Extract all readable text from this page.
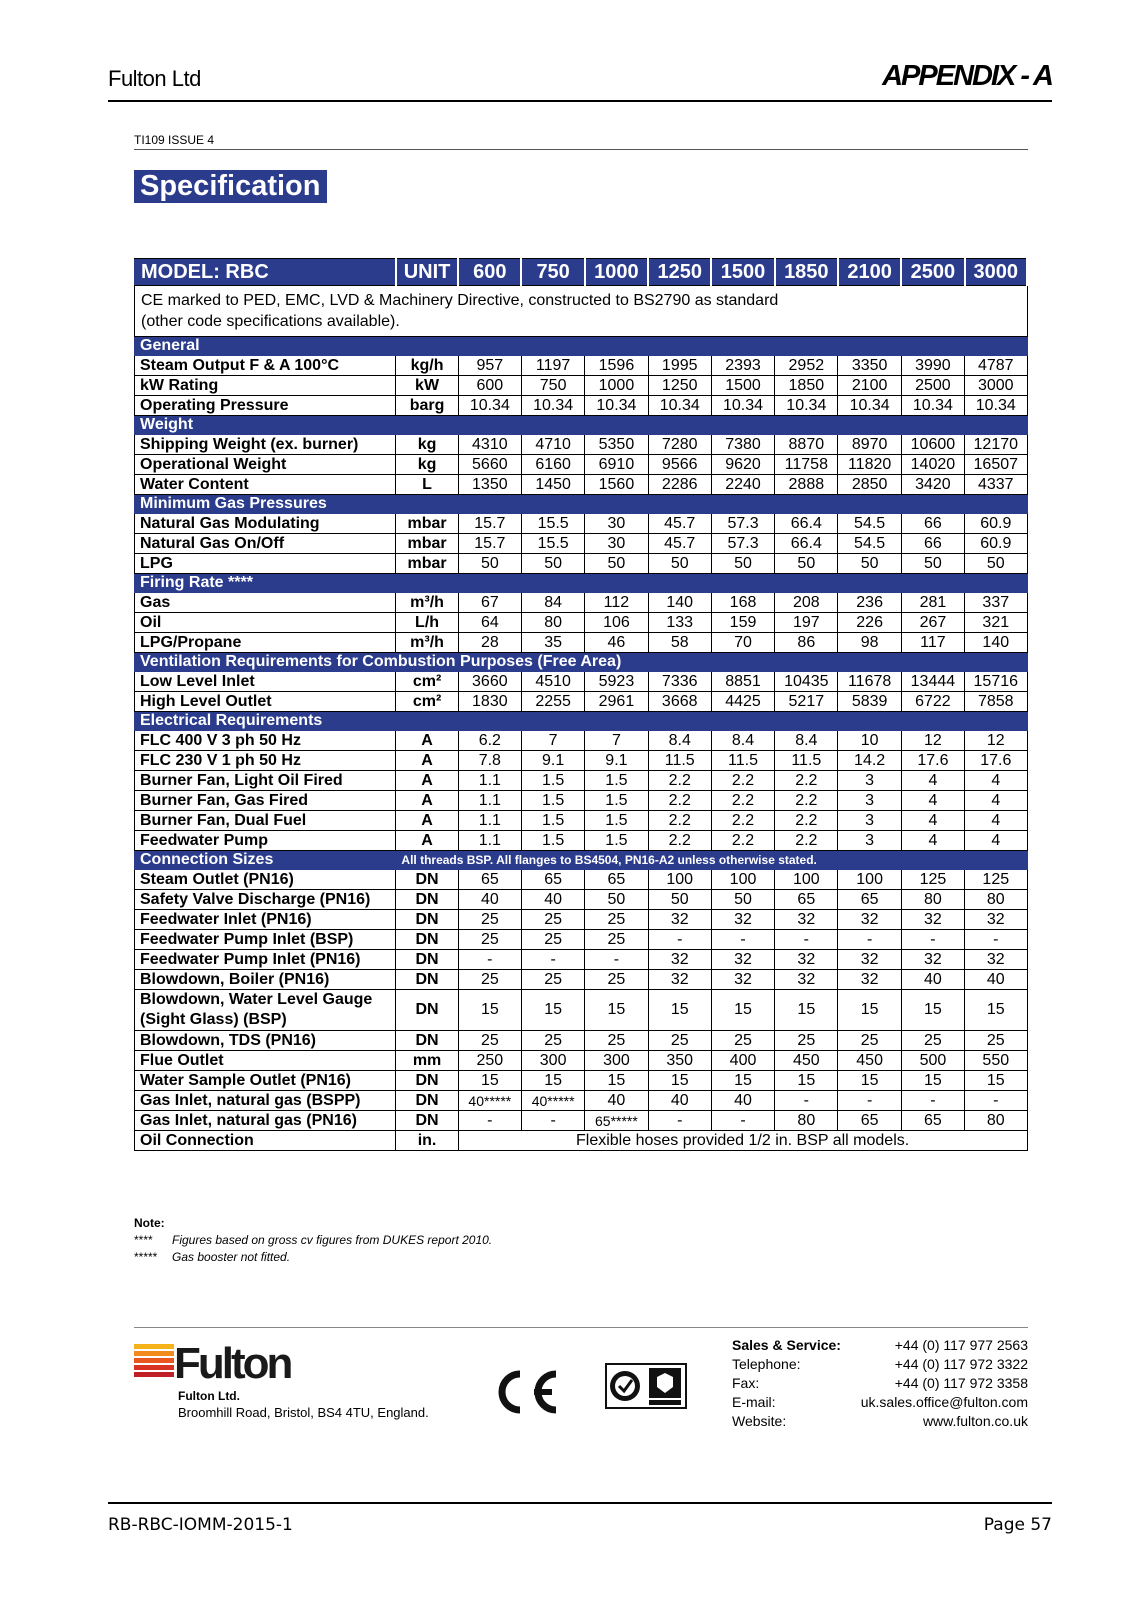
Fulton Ltd	APPENDIX - A
TI109 ISSUE 4
Specification
MODEL: RBC	UNIT	600	750	1000	1250	1500	1850	2100	2500	3000

CE marked to PED, EMC, LVD & Machinery Directive, constructed to BS2790 as standard
(other code specifications available).										

General										
Steam Output F & A 100°C	kg/h	957	1197	1596	1995	2393	2952	3350	3990	4787
kW Rating	kW	600	750	1000	1250	1500	1850	2100	2500	3000
Operating Pressure	barg	10.34	10.34	10.34	10.34	10.34	10.34	10.34	10.34	10.34
Weight										
Shipping Weight (ex. burner)	kg	4310	4710	5350	7280	7380	8870	8970	10600	12170
Operational Weight	kg	5660	6160	6910	9566	9620	11758	11820	14020	16507
Water Content	L	1350	1450	1560	2286	2240	2888	2850	3420	4337
Minimum Gas Pressures										
Natural Gas Modulating	mbar	15.7	15.5	30	45.7	57.3	66.4	54.5	66	60.9
Natural Gas On/Off	mbar	15.7	15.5	30	45.7	57.3	66.4	54.5	66	60.9
LPG	mbar	50	50	50	50	50	50	50	50	50
Firing Rate ****										
Gas	m³/h	67	84	112	140	168	208	236	281	337
Oil	L/h	64	80	106	133	159	197	226	267	321
LPG/Propane	m³/h	28	35	46	58	70	86	98	117	140
Ventilation Requirements for Combustion Purposes (Free Area)										
Low Level Inlet	cm²	3660	4510	5923	7336	8851	10435	11678	13444	15716
High Level Outlet	cm²	1830	2255	2961	3668	4425	5217	5839	6722	7858
Electrical Requirements										
FLC 400 V 3 ph 50 Hz	A	6.2	7	7	8.4	8.4	8.4	10	12	12
FLC 230 V 1 ph 50 Hz	A	7.8	9.1	9.1	11.5	11.5	11.5	14.2	17.6	17.6
Burner Fan, Light Oil Fired	A	1.1	1.5	1.5	2.2	2.2	2.2	3	4	4
Burner Fan, Gas Fired	A	1.1	1.5	1.5	2.2	2.2	2.2	3	4	4
Burner Fan, Dual Fuel	A	1.1	1.5	1.5	2.2	2.2	2.2	3	4	4
Feedwater Pump	A	1.1	1.5	1.5	2.2	2.2	2.2	3	4	4
Connection Sizes	All threads BSP. All flanges to BS4504, PN16-A2 unless otherwise stated.									
Steam Outlet (PN16)	DN	65	65	65	100	100	100	100	125	125
Safety Valve Discharge (PN16)	DN	40	40	50	50	50	65	65	80	80
Feedwater Inlet (PN16)	DN	25	25	25	32	32	32	32	32	32
Feedwater Pump Inlet (BSP)	DN	25	25	25	-	-	-	-	-	-
Feedwater Pump Inlet (PN16)	DN	-	-	-	32	32	32	32	32	32
Blowdown, Boiler (PN16)	DN	25	25	25	32	32	32	32	40	40
Blowdown, Water Level Gauge (Sight Glass) (BSP)	DN	15	15	15	15	15	15	15	15	15
Blowdown, TDS (PN16)	DN	25	25	25	25	25	25	25	25	25
Flue Outlet	mm	250	300	300	350	400	450	450	500	550
Water Sample Outlet (PN16)	DN	15	15	15	15	15	15	15	15	15
Gas Inlet, natural gas (BSPP)	DN	40*****	40*****	40	40	40	-	-	-	-
Gas Inlet, natural gas (PN16)	DN	-	-	65*****	-	-	80	65	65	80
Oil Connection	in.	Flexible hoses provided 1/2 in. BSP all models.								
Note:
**** Figures based on gross cv figures from DUKES report 2010.
***** Gas booster not fitted.
Fulton
Fulton Ltd.
Broomhill Road, Bristol, BS4 4TU, England.
Sales & Service:	+44 (0) 117 977 2563
Telephone:	+44 (0) 117 972 3322
Fax:	+44 (0) 117 972 3358
E-mail:	uk.sales.office@fulton.com
Website:	www.fulton.co.uk
RB-RBC-IOMM-2015-1	Page 57
